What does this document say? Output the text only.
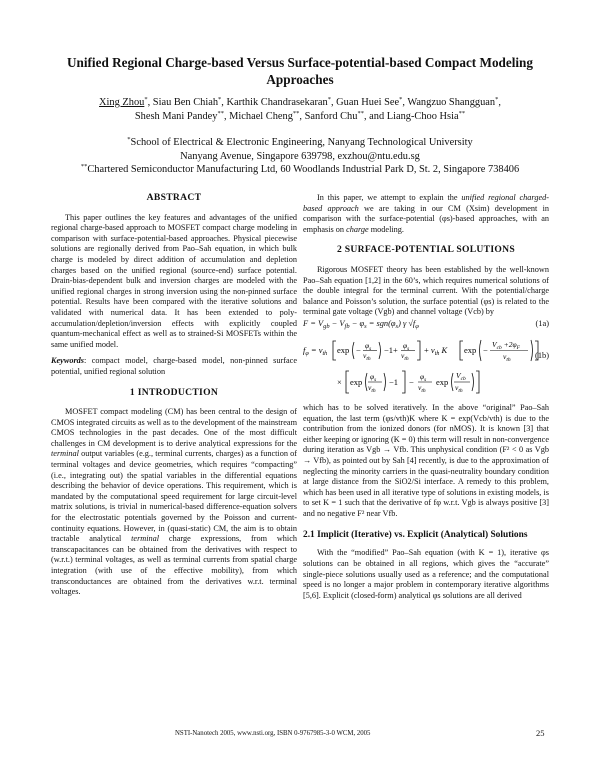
Unified Regional Charge-based Versus Surface-potential-based Compact Modeling Approaches
Xing Zhou*, Siau Ben Chiah*, Karthik Chandrasekaran*, Guan Huei See*, Wangzuo Shangguan*,
Shesh Mani Pandey**, Michael Cheng**, Sanford Chu**, and Liang-Choo Hsia**
*School of Electrical & Electronic Engineering, Nanyang Technological University
Nanyang Avenue, Singapore 639798, exzhou@ntu.edu.sg
**Chartered Semiconductor Manufacturing Ltd, 60 Woodlands Industrial Park D, St. 2, Singapore 738406
ABSTRACT

This paper outlines the key features and advantages of the unified regional charge-based approach to MOSFET compact charge modeling in comparison with surface-potential-based approaches. Physical piecewise solutions are regionally derived from Pao–Sah equation, in which bulk charge is modeled by direct addition of accumulation and depletion charges based on the unified regional (source-end) surface potential. Drain-bias-dependent bulk and inversion charges are modeled with the unified regional charges in strong inversion using the non-pinned surface potential. Results have been compared with the iterative solutions and validated with numerical data. It has been extended to poly-accumulation/depletion/inversion effects with explicitly coupled quantum-mechanical effect as well as to strained-Si MOSFETs within the same unified model.

Keywords: compact model, charge-based model, non-pinned surface potential, unified regional solution

1 INTRODUCTION

MOSFET compact modeling (CM) has been central to the design of CMOS integrated circuits as well as to the development of the mainstream CMOS technologies in the past decades. One of the most difficult challenges in CM development is to derive analytical expressions for the terminal output variables (e.g., terminal currents, charges) as a function of terminal voltages and device geometries, which requires “compacting” (i.e., integrating out) the spatial variables in the differential equations describing the behavior of device operations. This requirement, which is mandated by the computational speed requirement for large circuit-level matrix solutions, is trivial in numerical-based difference-equation solvers for the electrostatic potentials governed by the Poisson and current-continuity equations. However, in (quasi-static) CM, the aim is to obtain tractable analytical terminal charge expressions, from which transcapacitances can be obtained from the derivatives with respect to (w.r.t.) terminal voltages, as well as terminal currents from spatial charge integration (with use of the effective mobility), from which transconductances are obtained from the derivatives w.r.t. terminal voltages.

In this paper, we attempt to explain the unified regional charged-based approach we are taking in our CM (Xsim) development in comparison with the surface-potential (φs)-based approaches, with an emphasis on charge modeling.

2 SURFACE-POTENTIAL SOLUTIONS

Rigorous MOSFET theory has been established by the well-known Pao–Sah equation [1,2] in the 60’s, which requires numerical solutions of the double integral for the terminal current. With the potential/charge balance and Poisson’s solution, the surface potential (φs) is related to the terminal gate voltage (Vgb) and channel voltage (Vcb) by

$F = V_{gb} - V_{fb} - \varphi_s = sgn(\varphi_s)$ γ $√f_\varphi$	(1a)
$f_\varphi = v_{th}$ $\exp - \varphi_s$
$v_{th}$
$-1+ \varphi_s$
$v_{th}$
+ $v_{th}$ K exp −
$V_{cb} +2\varphi_F$
$v_{th}$
× exp
$\varphi_s$
$v_{th}$
−1 −
$\varphi_s$
$v_{th}$
exp
$V_{cb}$
$v_{th}$
(1b)

which has to be solved iteratively. In the above “original” Pao–Sah equation, the last term (φs/vth)K where K = exp(Vcb/vth) is due to the contribution from the ionized donors (for nMOS). It is known [3] that either keeping or ignoring (K = 0) this term will result in non-convergence during iteration as Vgb → Vfb. This unphysical condition (F² < 0 as Vgb → Vfb), as pointed out by Sah [4] recently, is due to the approximation of neglecting the minority carriers in the quasi-neutrality boundary condition at large distance from the SiO2/Si interface. A remedy to this problem, which has been used in all iterative type of solutions in existing models, is to set K = 1 such that the derivative of fφ w.r.t. Vgb is always positive [3] and no negative F² near Vfb.

2.1 Implicit (Iterative) vs. Explicit (Analytical) Solutions

With the “modified” Pao–Sah equation (with K = 1), iterative φs solutions can be obtained in all regions, which gives the “accurate” single-piece solutions usually used as a reference; and the computational speed is no longer a major problem in contemporary iterative algorithms [5,6]. Explicit (closed-form) analytical φs solutions are all derived

NSTI-Nanotech 2005, www.nsti.org, ISBN 0-9767985-3-0 WCM, 2005	25
